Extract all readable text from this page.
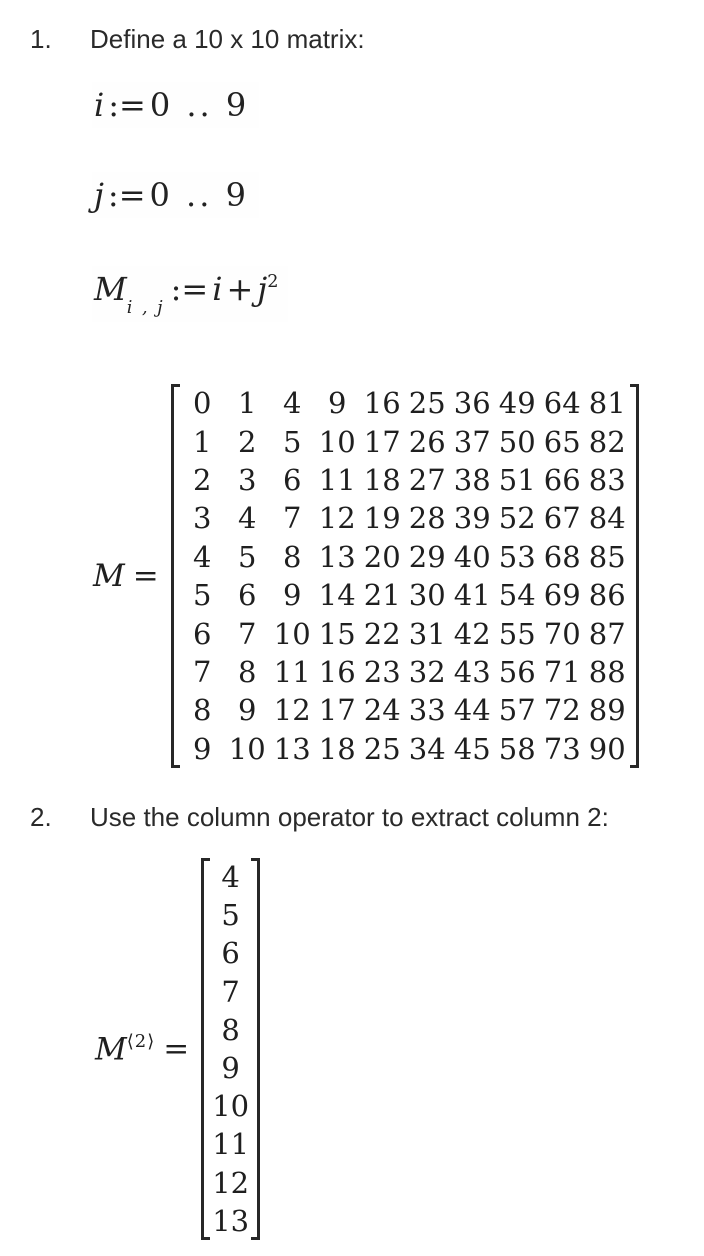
1.	Define a 10 x 10 matrix:
i := 0 .. 9
j := 0 .. 9
$M_{i , j}:= i + j^2$
M =
0	1	4	9	16	25	36	49	64	81
1	2	5	10	17	26	37	50	65	82
2	3	6	11	18	27	38	51	66	83
3	4	7	12	19	28	39	52	67	84
4	5	8	13	20	29	40	53	68	85
5	6	9	14	21	30	41	54	69	86
6	7	10	15	22	31	42	55	70	87
7	8	11	16	23	32	43	56	71	88
8	9	12	17	24	33	44	57	72	89
9	10	13	18	25	34	45	58	73	90
2.	Use the column operator to extract column 2:
$M^{⟨2⟩}$ =
4
5
6
7
8
9
10
11
12
13
